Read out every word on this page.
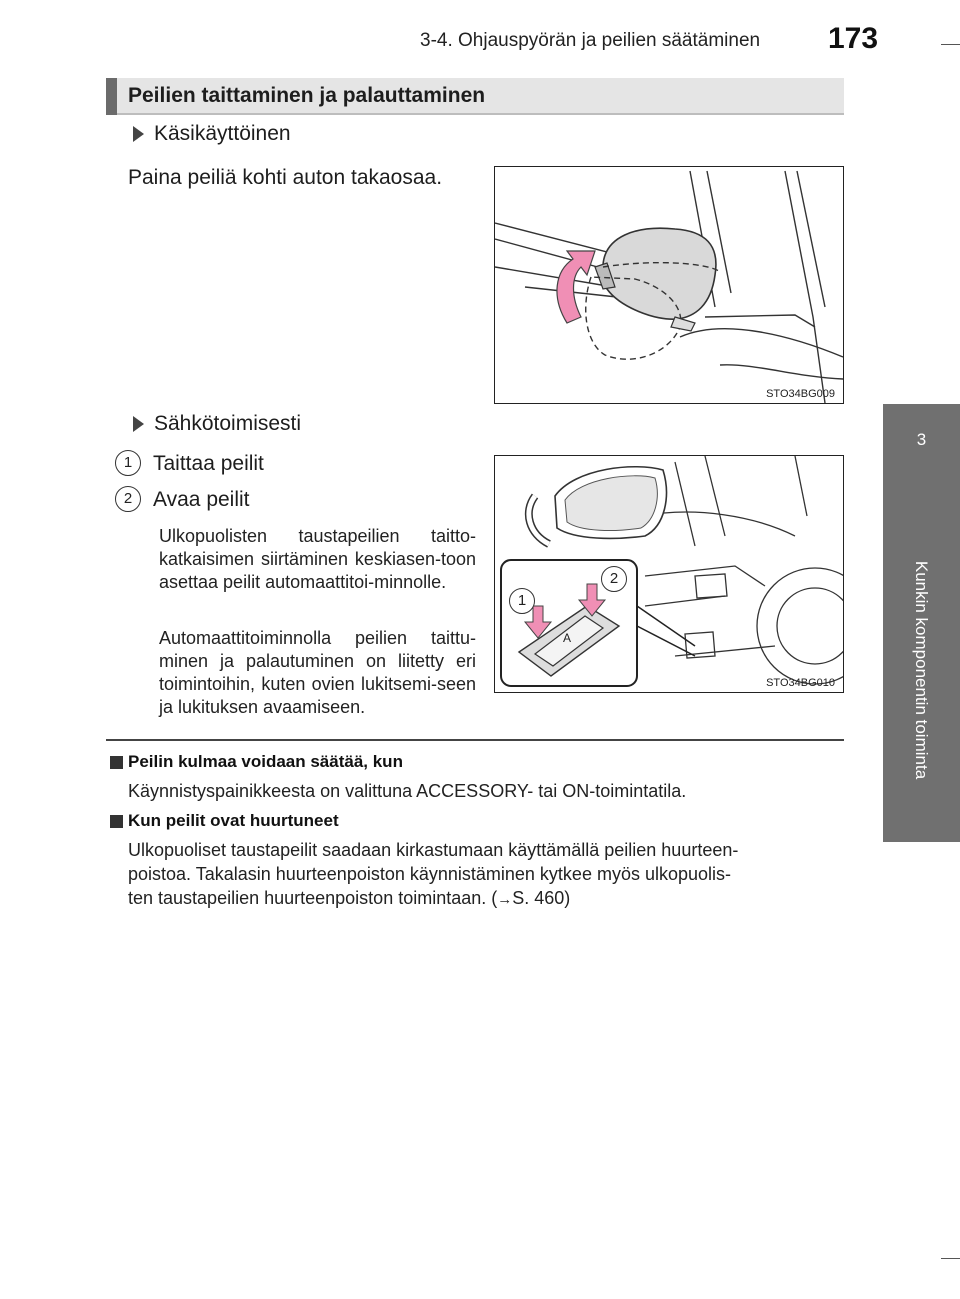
3-4. Ohjauspyörän ja peilien säätäminen 173
3
Kunkin komponentin toiminta
Peilien taittaminen ja palauttaminen
Käsikäyttöinen
Paina peiliä kohti auton takaosaa.
STO34BG009
Sähkötoimisesti
1 Taittaa peilit
2 Avaa peilit
Ulkopuolisten taustapeilien taitto-katkaisimen siirtäminen keskiasen-toon asettaa peilit automaattitoi-minnolle.
Automaattitoiminnolla peilien taittu-minen ja palautuminen on liitetty eri toimintoihin, kuten ovien lukitsemi-seen ja lukituksen avaamiseen.
A
1
2
STO34BG010
Peilin kulmaa voidaan säätää, kun
Käynnistyspainikkeesta on valittuna ACCESSORY- tai ON-toimintatila.
Kun peilit ovat huurtuneet
Ulkopuoliset taustapeilit saadaan kirkastumaan käyttämällä peilien huurteen-
poistoa. Takalasin huurteenpoiston käynnistäminen kytkee myös ulkopuolis-
ten taustapeilien huurteenpoiston toimintaan. (→S. 460)
